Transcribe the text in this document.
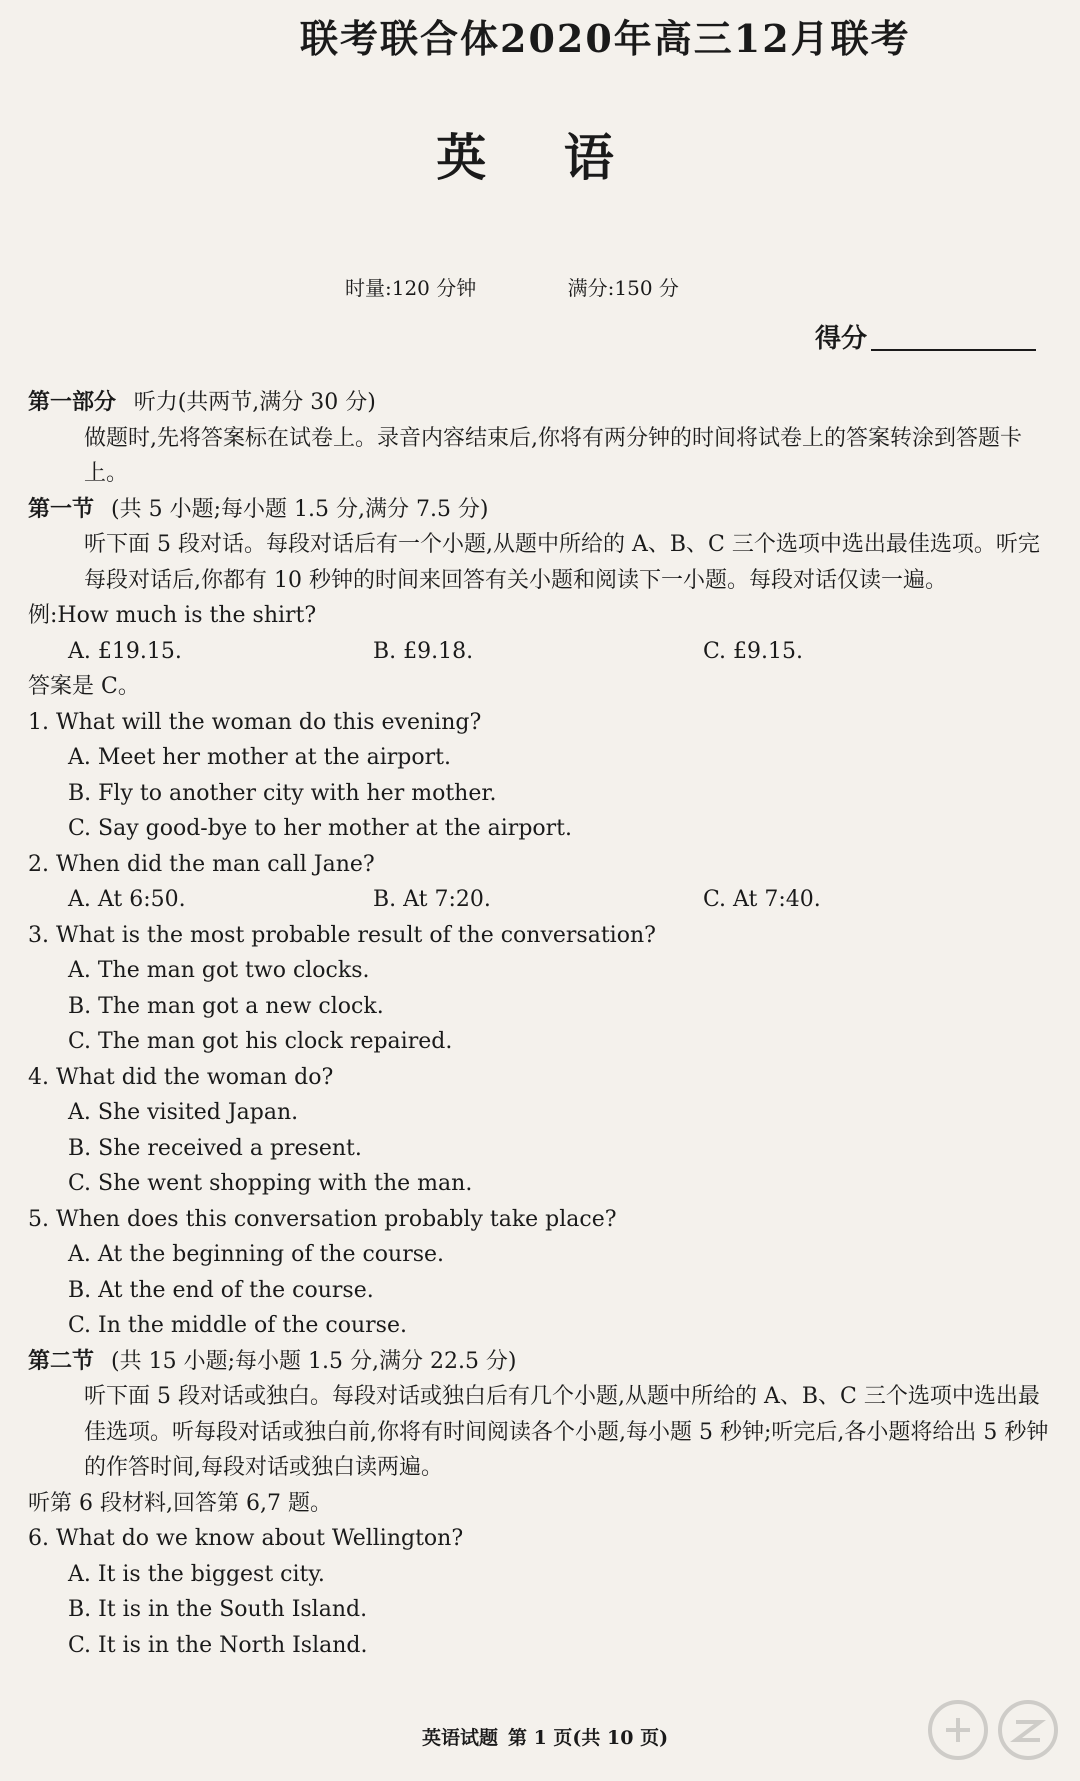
联考联合体2020年高三12月联考
英 语
时量:120 分钟	满分:150 分
得分
第一部分 听力(共两节,满分 30 分)
做题时,先将答案标在试卷上。录音内容结束后,你将有两分钟的时间将试卷上的答案转涂到答题卡上。
第一节 (共 5 小题;每小题 1.5 分,满分 7.5 分)
听下面 5 段对话。每段对话后有一个小题,从题中所给的 A、B、C 三个选项中选出最佳选项。听完每段对话后,你都有 10 秒钟的时间来回答有关小题和阅读下一小题。每段对话仅读一遍。
例:How much is the shirt?
A. £19.15.	B. £9.18.	C. £9.15.
答案是 C。
1. What will the woman do this evening?
A. Meet her mother at the airport.
B. Fly to another city with her mother.
C. Say good-bye to her mother at the airport.
2. When did the man call Jane?
A. At 6:50.	B. At 7:20.	C. At 7:40.
3. What is the most probable result of the conversation?
A. The man got two clocks.
B. The man got a new clock.
C. The man got his clock repaired.
4. What did the woman do?
A. She visited Japan.
B. She received a present.
C. She went shopping with the man.
5. When does this conversation probably take place?
A. At the beginning of the course.
B. At the end of the course.
C. In the middle of the course.
第二节 (共 15 小题;每小题 1.5 分,满分 22.5 分)
听下面 5 段对话或独白。每段对话或独白后有几个小题,从题中所给的 A、B、C 三个选项中选出最佳选项。听每段对话或独白前,你将有时间阅读各个小题,每小题 5 秒钟;听完后,各小题将给出 5 秒钟的作答时间,每段对话或独白读两遍。
听第 6 段材料,回答第 6,7 题。
6. What do we know about Wellington?
A. It is the biggest city.
B. It is in the South Island.
C. It is in the North Island.
英语试题 第 1 页(共 10 页)
